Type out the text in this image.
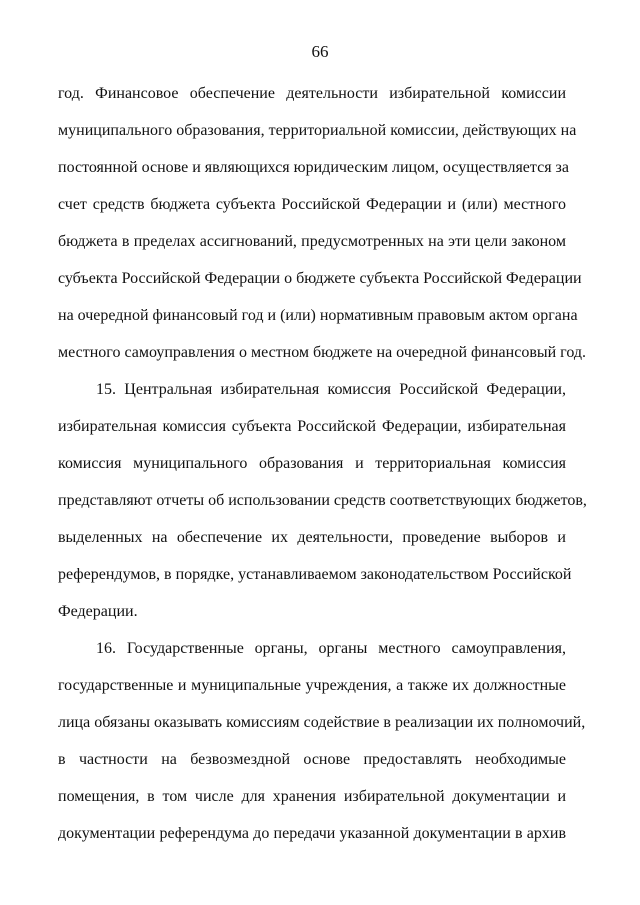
66
год. Финансовое обеспечение деятельности избирательной комиссии
муниципального образования, территориальной комиссии, действующих на
постоянной основе и являющихся юридическим лицом, осуществляется за
счет средств бюджета субъекта Российской Федерации и (или) местного
бюджета в пределах ассигнований, предусмотренных на эти цели законом
субъекта Российской Федерации о бюджете субъекта Российской Федерации
на очередной финансовый год и (или) нормативным правовым актом органа
местного самоуправления о местном бюджете на очередной финансовый год.
15. Центральная избирательная комиссия Российской Федерации,
избирательная комиссия субъекта Российской Федерации, избирательная
комиссия муниципального образования и территориальная комиссия
представляют отчеты об использовании средств соответствующих бюджетов,
выделенных на обеспечение их деятельности, проведение выборов и
референдумов, в порядке, устанавливаемом законодательством Российской
Федерации.
16. Государственные органы, органы местного самоуправления,
государственные и муниципальные учреждения, а также их должностные
лица обязаны оказывать комиссиям содействие в реализации их полномочий,
в частности на безвозмездной основе предоставлять необходимые
помещения, в том числе для хранения избирательной документации и
документации референдума до передачи указанной документации в архив
